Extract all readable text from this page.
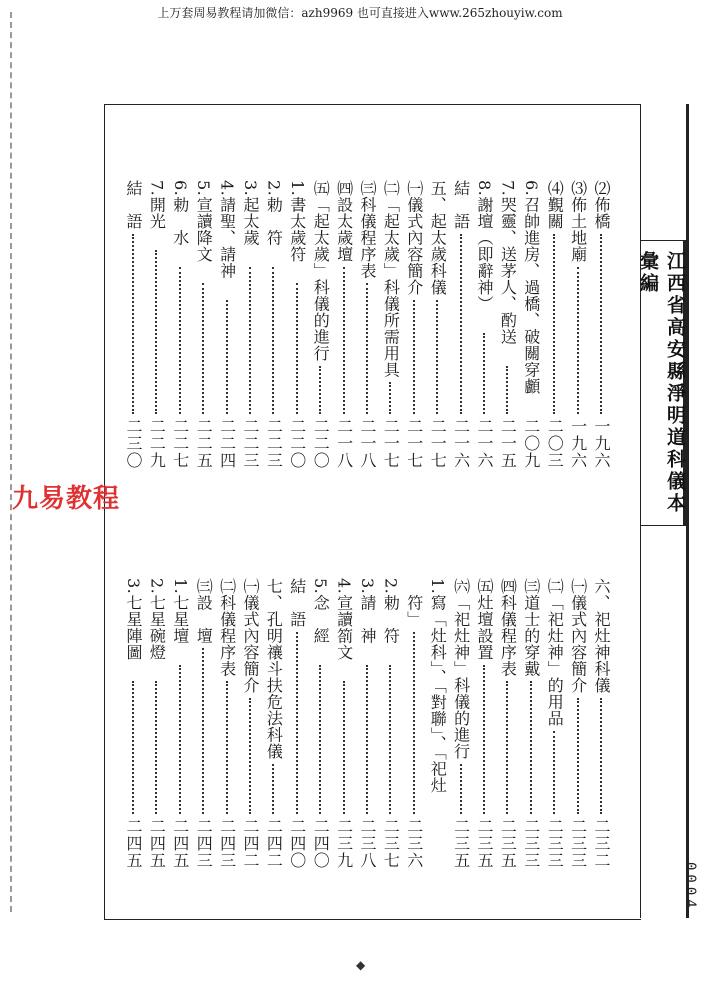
上万套周易教程请加微信：azh9969 也可直接进入www.265zhouyiw.com
江西省高安縣淨明道科儀本彙編
⑵佈橋
一九六
⑶佈土地廟
一九六
⑷覲關
二〇三
6.召帥進房、過橋、破關穿顱
二〇九
7.哭靈、送茅人、酌送
二一五
8.謝壇（即辭神）
二一六
結　語
二一六
五、起太歲科儀
二一七
㈠儀式內容簡介
二一七
㈡「起太歲」科儀所需用具
二一七
㈢科儀程序表
二一八
㈣設太歲壇
二一八
㈤「起太歲」科儀的進行
二二〇
1.書太歲符
二二〇
2.勅　符
二二三
3.起太歲
二二三
4.請聖、請神
二二四
5.宣讀降文
二二五
6.勅　水
二二七
7.開光
二二九
結　語
二三〇
六、祀灶神科儀
二三二
㈠儀式內容簡介
二三三
㈡「祀灶神」的用品
二三三
㈢道士的穿戴
二三三
㈣科儀程序表
二三五
㈤灶壇設置
二三五
㈥「祀灶神」科儀的進行
二三五
1.寫「灶科」、「對聯」、「祀灶
　符」
二三六
2.勅　符
二三七
3.請　神
二三八
4.宣讀箚文
二三九
5.念　經
二四〇
結　語
二四〇
七、孔明禳斗扶危法科儀
二四二
㈠儀式內容簡介
二四二
㈡科儀程序表
二四三
㈢設　壇
二四三
1.七星壇
二四五
2.七星碗燈
二四五
3.七星陣圖
二四五
九易教程
0004
◆
